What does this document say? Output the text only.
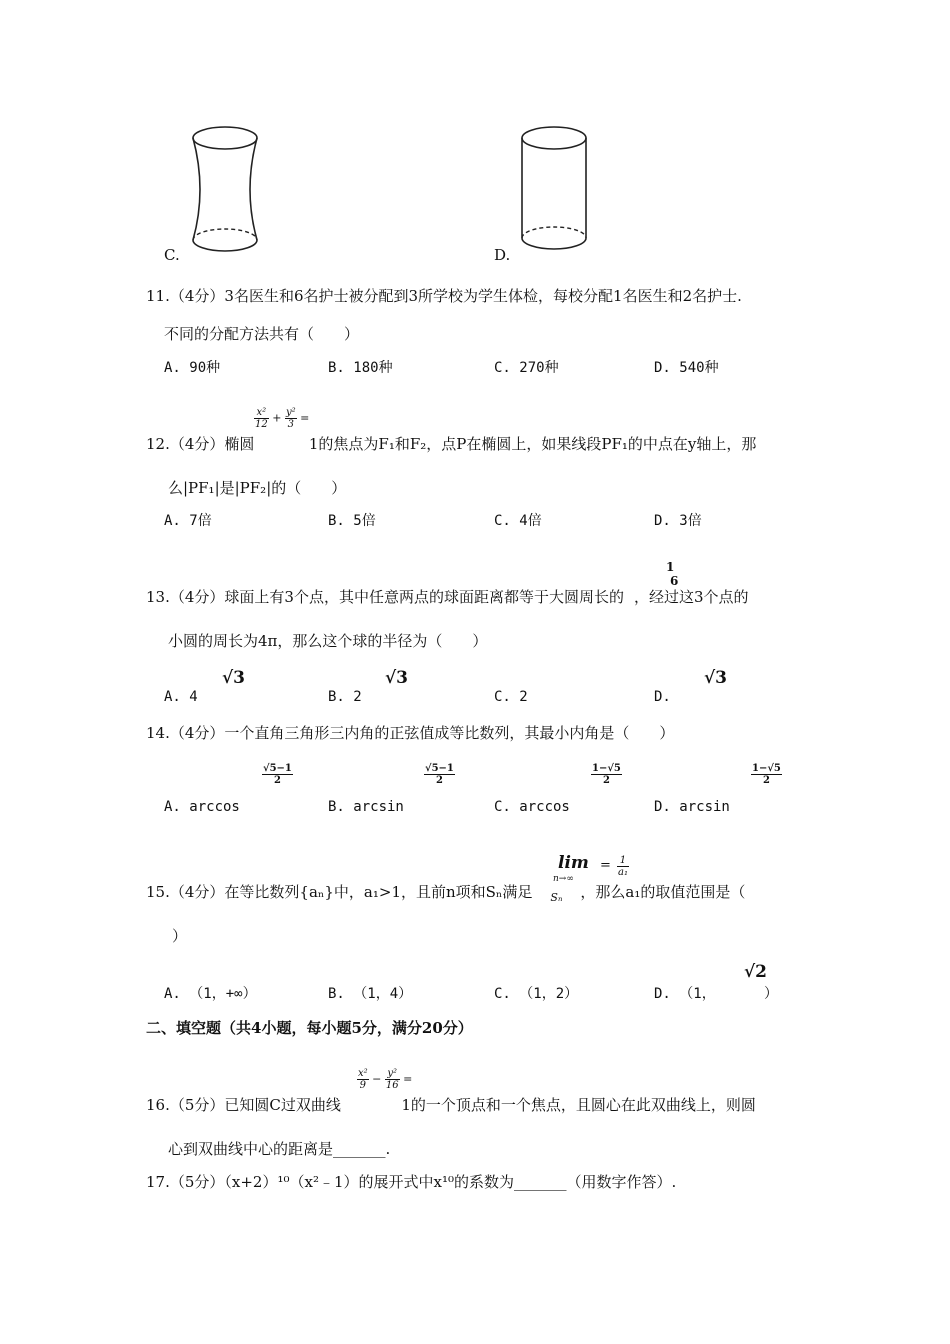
C.	D.
11.（4分）3名医生和6名护士被分配到3所学校为学生体检，每校分配1名医生和2名护士.
不同的分配方法共有（　　）
A. 90种	B. 180种	C. 270种	D. 540种
$\frac{\text{x²}}{12} + \frac{\text{y²}}{3}$ =
12.（4分）椭圆	1的焦点为F₁和F₂，点P在椭圆上，如果线段PF₁的中点在y轴上，那
么|PF₁|是|PF₂|的（　　）
A. 7倍	B. 5倍	C. 4倍	D. 3倍
1
6
13.（4分）球面上有3个点，其中任意两点的球面距离都等于大圆周长的 ，经过这3个点的
小圆的周长为4π，那么这个球的半径为（　　）
√3	√3	√3
A. 4	B. 2	C. 2	D.
14.（4分）一个直角三角形三内角的正弦值成等比数列，其最小内角是（　　）
$\frac{√5-1}{2}$	$\frac{√5-1}{2}$	$\frac{1-√5}{2}$	$\frac{1-√5}{2}$
A. arccos	B. arcsin	C. arccos	D. arcsin
lim
n→∞
= $\frac{1}{\text{a₁}}$
15.（4分）在等比数列{aₙ}中，a₁>1，且前n项和Sₙ满足 Sₙ ，那么a₁的取值范围是（
）
√2
A. （1，+∞）	B. （1，4）	C. （1，2）	D. （1，	）
二、填空题（共4小题，每小题5分，满分20分）
$\frac{\text{x²}}{9} - \frac{\text{y²}}{16}$ =
16.（5分）已知圆C过双曲线	1的一个顶点和一个焦点，且圆心在此双曲线上，则圆
心到双曲线中心的距离是_______.
17.（5分）（x+2）¹⁰（x²﹣1）的展开式中x¹⁰的系数为_______（用数字作答）.
